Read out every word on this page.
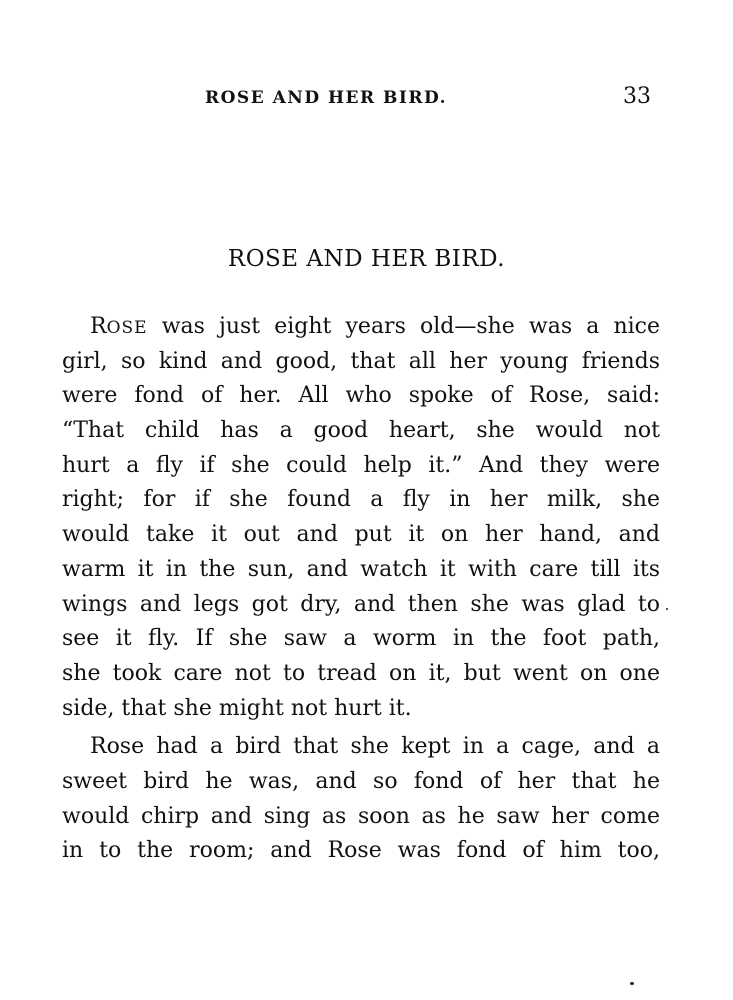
ROSE AND HER BIRD.	33
ROSE AND HER BIRD.
ROSE was just eight years old—she was a nice
girl, so kind and good, that all her young friends
were fond of her. All who spoke of Rose, said:
“That child has a good heart, she would not
hurt a fly if she could help it.” And they were
right; for if she found a fly in her milk, she
would take it out and put it on her hand, and
warm it in the sun, and watch it with care till its
wings and legs got dry, and then she was glad to
see it fly. If she saw a worm in the foot path,
she took care not to tread on it, but went on one
side, that she might not hurt it.
Rose had a bird that she kept in a cage, and a
sweet bird he was, and so fond of her that he
would chirp and sing as soon as he saw her come
in to the room; and Rose was fond of him too,
